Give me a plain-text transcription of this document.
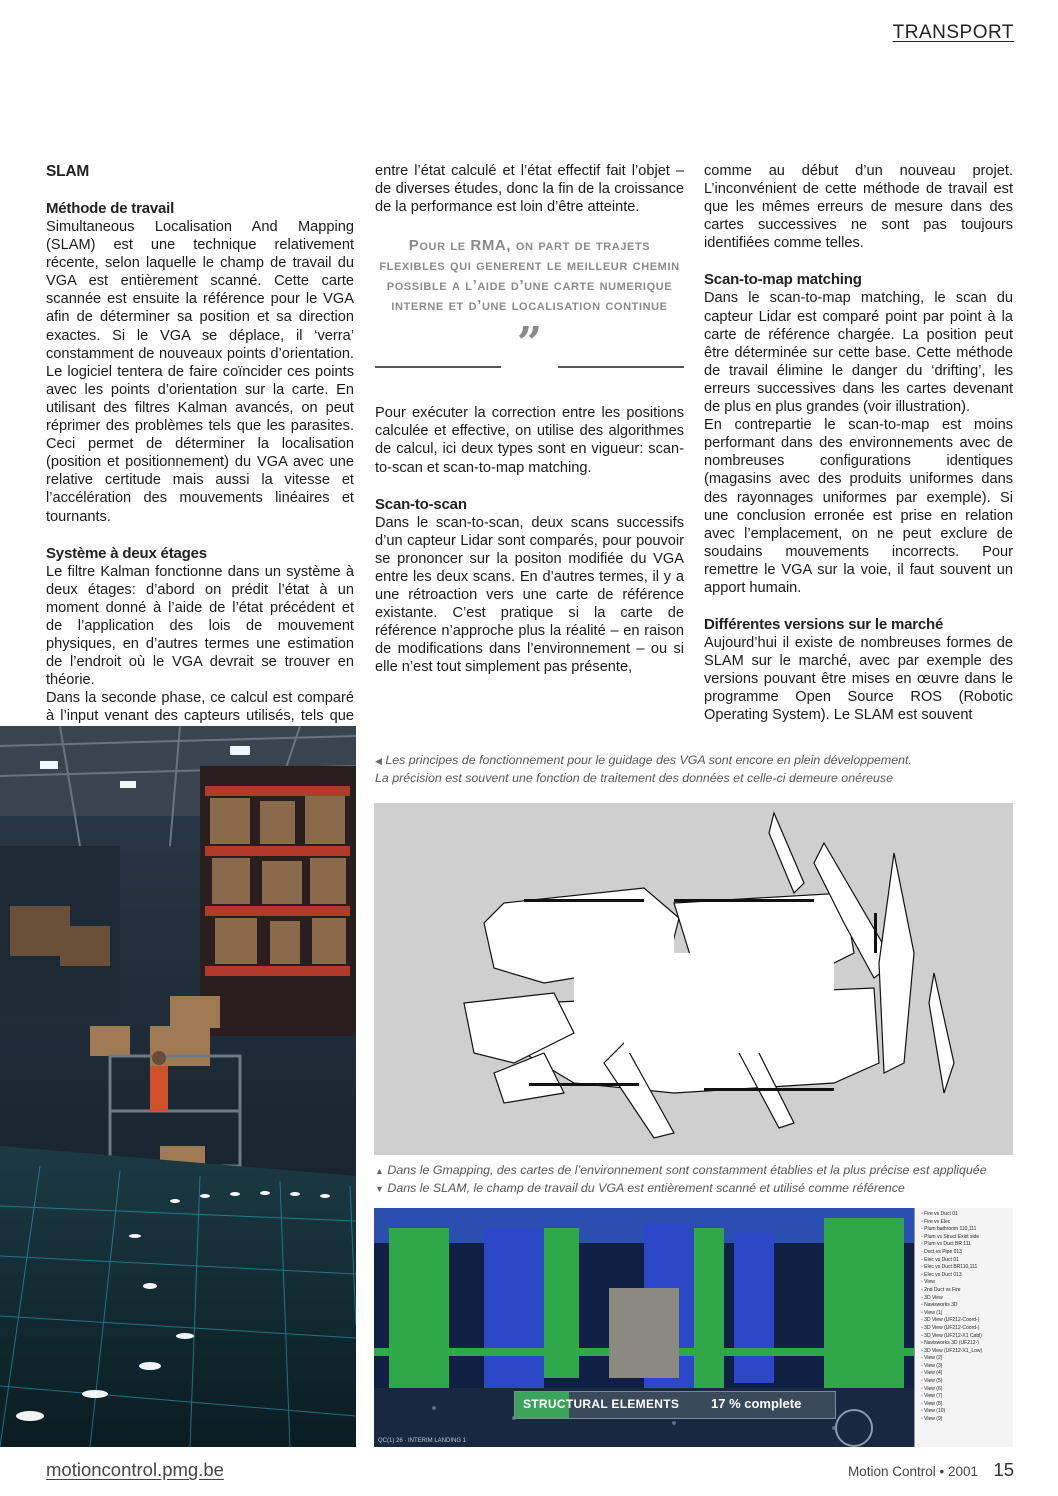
TRANSPORT
SLAM
Méthode de travail

Simultaneous Localisation And Mapping (SLAM) est une technique relativement récente, selon laquelle le champ de travail du VGA est entièrement scanné. Cette carte scannée est ensuite la référence pour le VGA afin de déterminer sa position et sa direction exactes. Si le VGA se déplace, il ‘verra’ constamment de nouveaux points d’orientation. Le logiciel tentera de faire coïncider ces points avec les points d’orientation sur la carte. En utilisant des filtres Kalman avancés, on peut réprimer des problèmes tels que les parasites. Ceci permet de déterminer la localisation (position et positionnement) du VGA avec une relative certitude mais aussi la vitesse et l’accélération des mouvements linéaires et tournants.

Système à deux étages

Le filtre Kalman fonctionne dans un système à deux étages: d’abord on prédit l’état à un moment donné à l’aide de l’état précédent et de l’application des lois de mouvement physiques, en d’autres termes une estimation de l’endroit où le VGA devrait se trouver en théorie.

Dans la seconde phase, ce calcul est comparé à l’input venant des capteurs utilisés, tels que

entre l’état calculé et l’état effectif fait l’objet – de diverses études, donc la fin de la croissance de la performance est loin d’être atteinte.

Pour le RMA, on part de trajets flexibles qui generent le meilleur chemin possible a l’aide d’une carte numerique interne et d’une localisation continue
”

Pour exécuter la correction entre les positions calculée et effective, on utilise des algorithmes de calcul, ici deux types sont en vigueur: scan-to-scan et scan-to-map matching.

Scan-to-scan

Dans le scan-to-scan, deux scans successifs d’un capteur Lidar sont comparés, pour pouvoir se prononcer sur la positon modifiée du VGA entre les deux scans. En d’autres termes, il y a une rétroaction vers une carte de référence existante. C’est pratique si la carte de référence n’approche plus la réalité – en raison de modifications dans l’environnement – ou si elle n’est tout simplement pas présente,

comme au début d’un nouveau projet. L’inconvénient de cette méthode de travail est que les mêmes erreurs de mesure dans des cartes successives ne sont pas toujours identifiées comme telles.

Scan-to-map matching

Dans le scan-to-map matching, le scan du capteur Lidar est comparé point par point à la carte de référence chargée. La position peut être déterminée sur cette base. Cette méthode de travail élimine le danger du ‘drifting’, les erreurs successives dans les cartes devenant de plus en plus grandes (voir illustration).

En contrepartie le scan-to-map est moins performant dans des environnements avec de nombreuses configurations identiques (magasins avec des produits uniformes dans des rayonnages uniformes par exemple). Si une conclusion erronée est prise en relation avec l’emplacement, on ne peut exclure de soudains mouvements incorrects. Pour remettre le VGA sur la voie, il faut souvent un apport humain.

Différentes versions sur le marché

Aujourd’hui il existe de nombreuses formes de SLAM sur le marché, avec par exemple des versions pouvant être mises en œuvre dans le programme Open Source ROS (Robotic Operating System). Le SLAM est souvent

◀ Les principes de fonctionnement pour le guidage des VGA sont encore en plein développement.
La précision est souvent une fonction de traitement des données et celle-ci demeure onéreuse
▲ Dans le Gmapping, des cartes de l’environnement sont constamment établies et la plus précise est appliquée
▼ Dans le SLAM, le champ de travail du VGA est entièrement scanné et utilisé comme référence
STRUCTURAL ELEMENTS 17 % complete
QC(1) 26 · INTERIM LANDING 1
▫ Fire vs Duct 01
▫ Fire vs Elec
▫ Plum bathroom 110,111
▫ Plum vs Struct Exist side
▫ Plum vs Duct BR 111
▫ Duct vs Pipe 013
▫ Elec vs Duct 01
▫ Elec vs Duct BR110,111
▫ Elec vs Duct 013
▫ View
▫ 2nd Duct vs Fire
▫ 3D View
▫ Navisworks 3D
▫ View (1)
▫ 3D View (UF212-Coord-)
▫ 3D View (UF212-Coord-)
▫ 3D View (UF212-X1 Cabl)
▫ Navisworks 3D (UF212-)
▫ 3D View (UF212-X1_Low)
▫ View (2)
▫ View (3)
▫ View (4)
▫ View (5)
▫ View (6)
▫ View (7)
▫ View (8)
▫ View (10)
▫ View (9)
motioncontrol.pmg.be	Motion Control • 2001 15
